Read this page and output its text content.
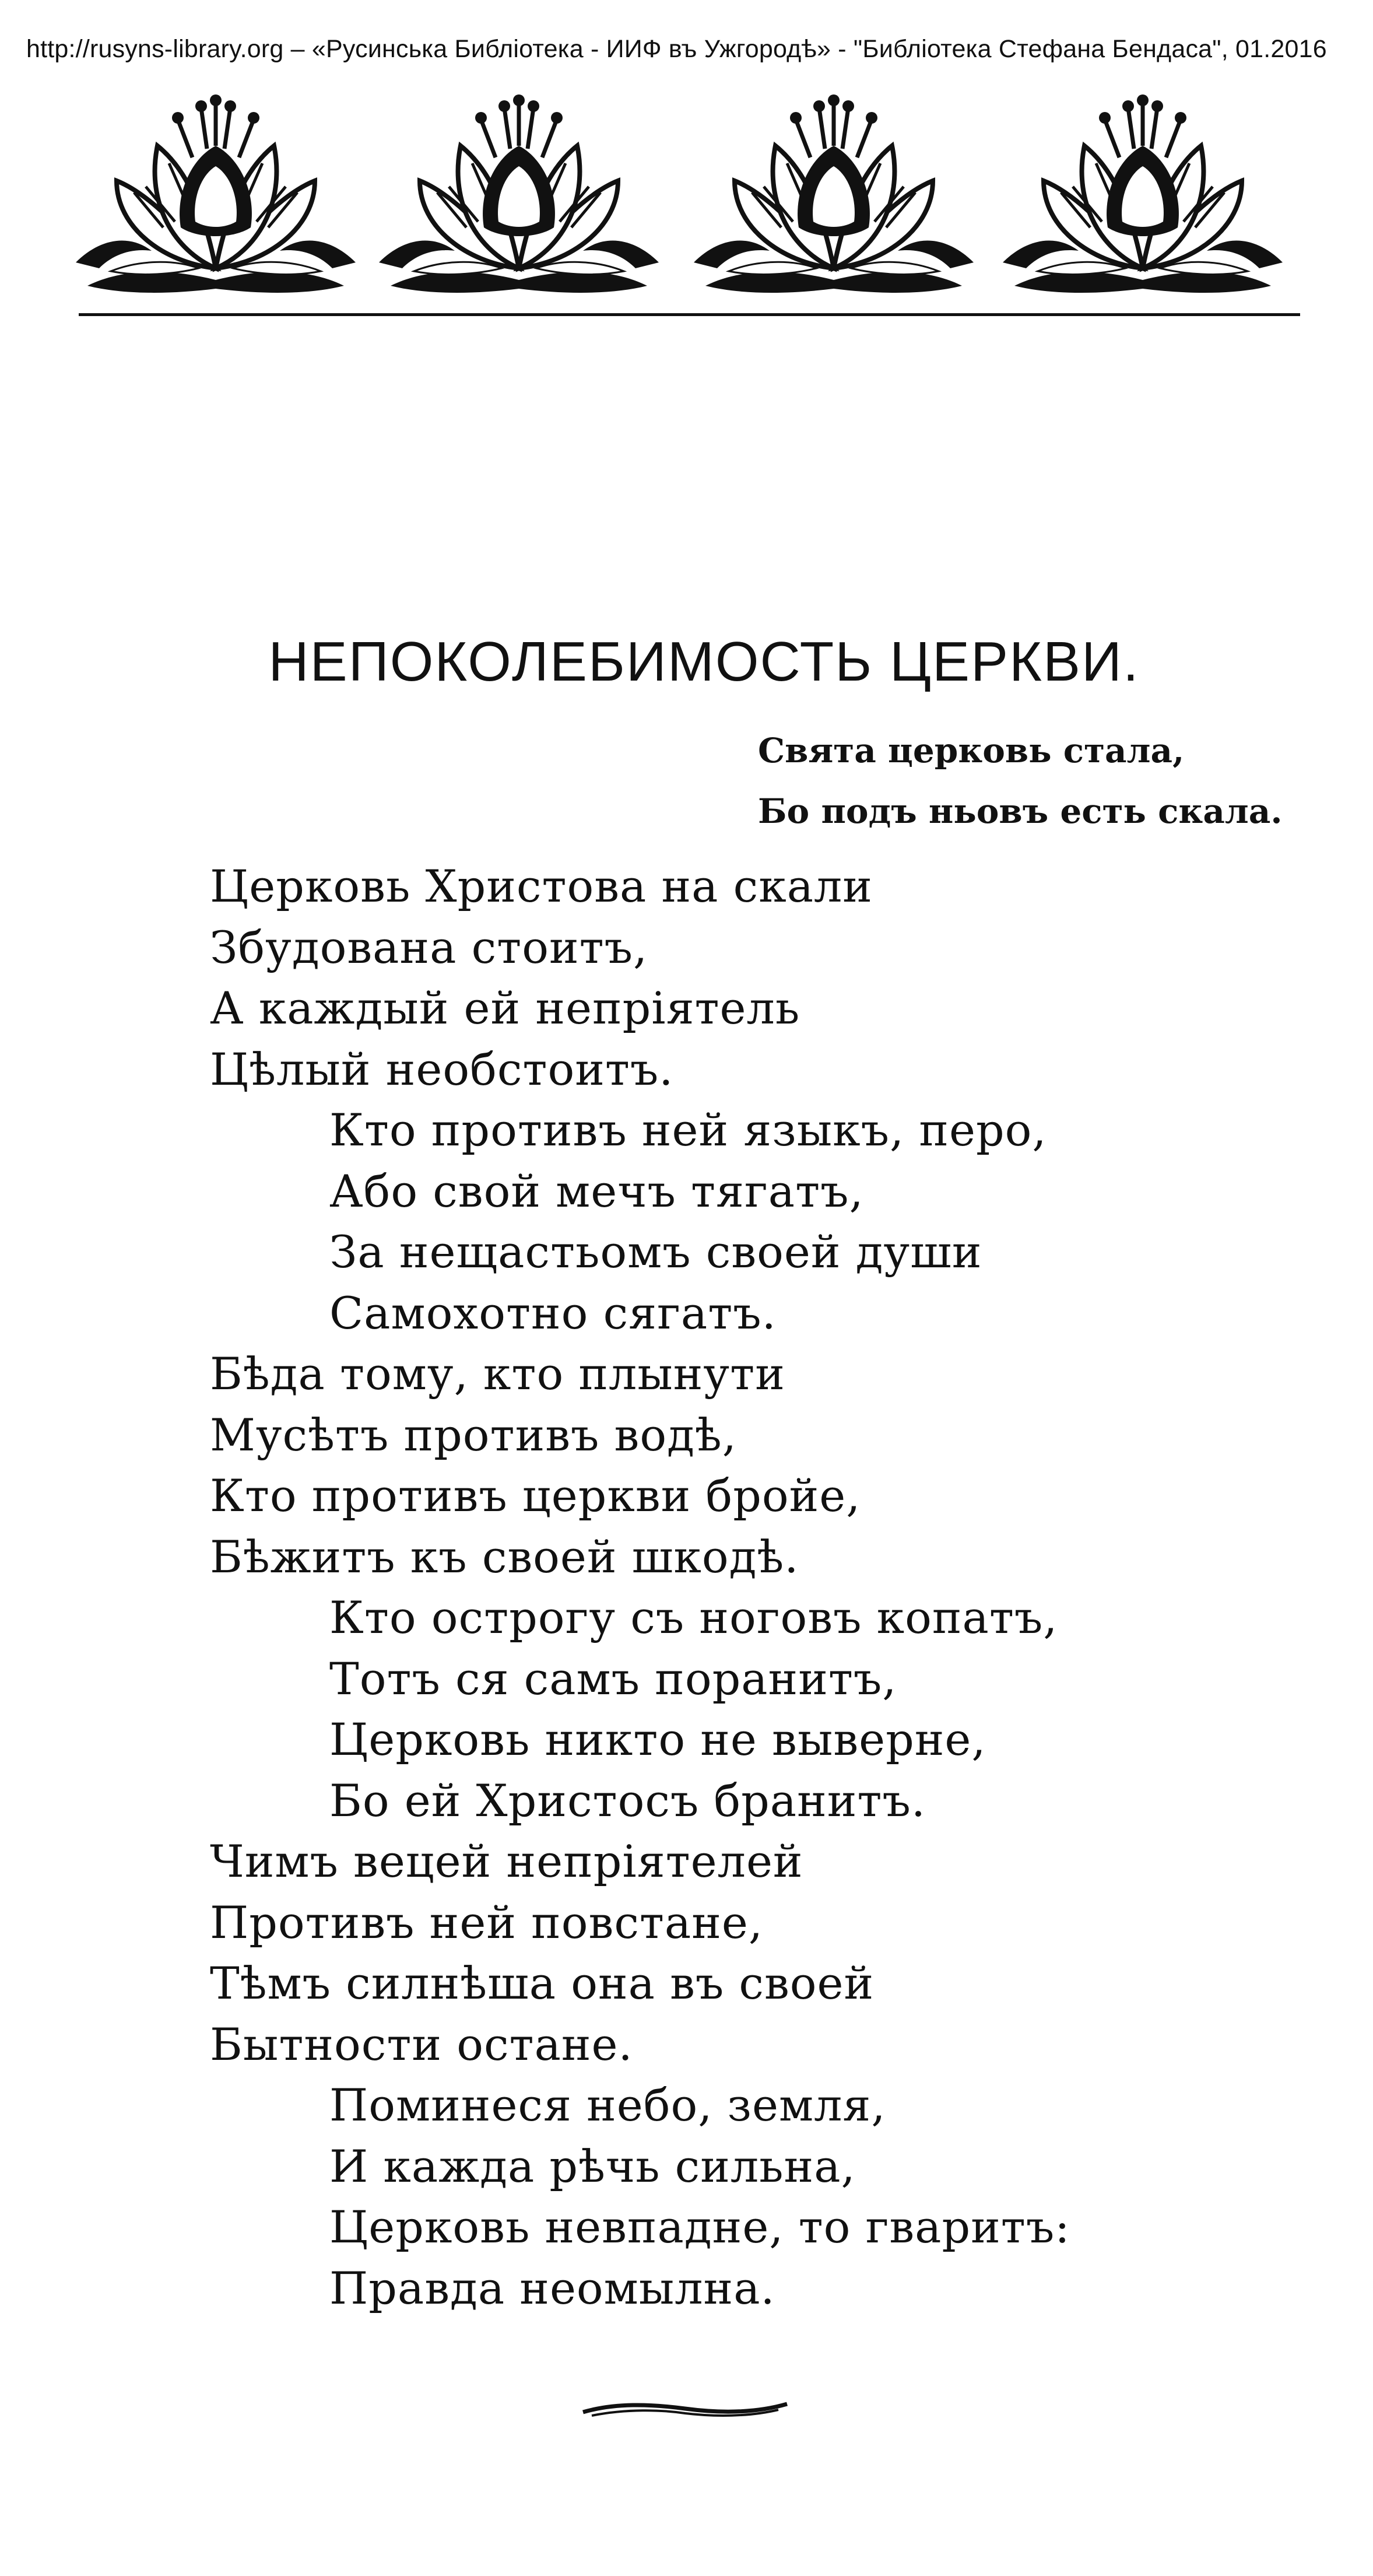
http://rusyns-library.org – «Русинська Библіотека - ИИФ въ Ужгородѣ» - "Библіотека Стефана Бендаса", 01.2016
НЕПОКОЛЕБИМОСТЬ ЦЕРКВИ.
Свята церковь стала,
Бо подъ ньовъ есть скала.
Церковь Христова на скали
Збудована стоитъ,
А каждый ей непріятель
Цѣлый необстоитъ.
Кто противъ ней языкъ, перо,
Або свой мечъ тягатъ,
За нещастьомъ своей души
Самохотно сягатъ.
Бѣда тому, кто плынути
Мусѣтъ противъ водѣ,
Кто противъ церкви бройе,
Бѣжитъ къ своей шкодѣ.
Кто острогу съ ноговъ копатъ,
Тотъ ся самъ поранитъ,
Церковь никто не выверне,
Бо ей Христосъ бранитъ.
Чимъ вецей непріятелей
Противъ ней повстане,
Тѣмъ силнѣша она въ своей
Бытности остане.
Поминеся небо, земля,
И кажда рѣчь сильна,
Церковь невпадне, то гваритъ:
Правда неомылна.
